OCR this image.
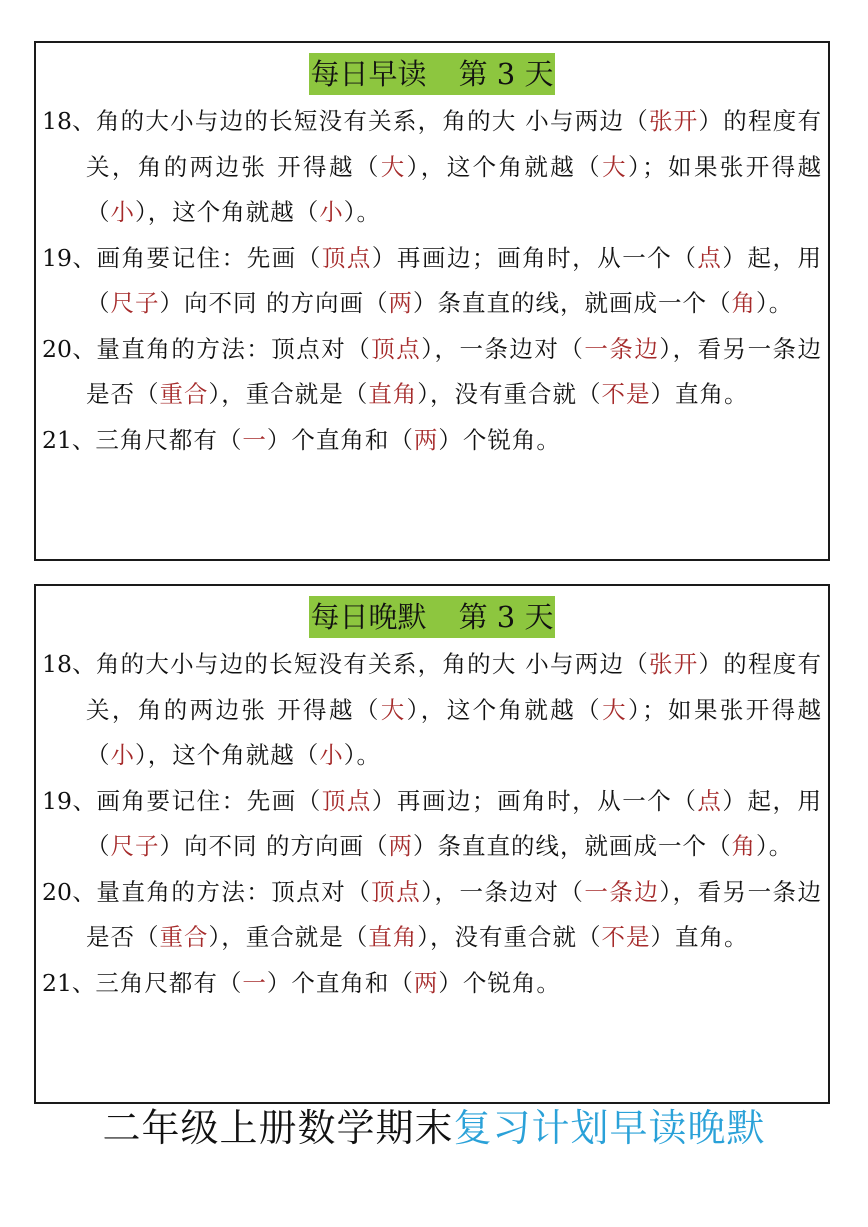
每日早读 第 3 天
18、角的大小与边的长短没有关系，角的大 小与两边（张开）的程度有关，角的两边张 开得越（大），这个角就越（大）；如果张开得越（小），这个角就越（小）。
19、画角要记住：先画（顶点）再画边；画角时，从一个（点）起，用（尺子）向不同 的方向画（两）条直直的线，就画成一个（角）。
20、量直角的方法：顶点对（顶点），一条边对（一条边），看另一条边是否（重合），重合就是（直角），没有重合就（不是）直角。
21、三角尺都有（一）个直角和（两）个锐角。
每日晚默 第 3 天
18、角的大小与边的长短没有关系，角的大 小与两边（张开）的程度有关，角的两边张 开得越（大），这个角就越（大）；如果张开得越（小），这个角就越（小）。
19、画角要记住：先画（顶点）再画边；画角时，从一个（点）起，用（尺子）向不同 的方向画（两）条直直的线，就画成一个（角）。
20、量直角的方法：顶点对（顶点），一条边对（一条边），看另一条边是否（重合），重合就是（直角），没有重合就（不是）直角。
21、三角尺都有（一）个直角和（两）个锐角。
二年级上册数学期末复习计划早读晚默
